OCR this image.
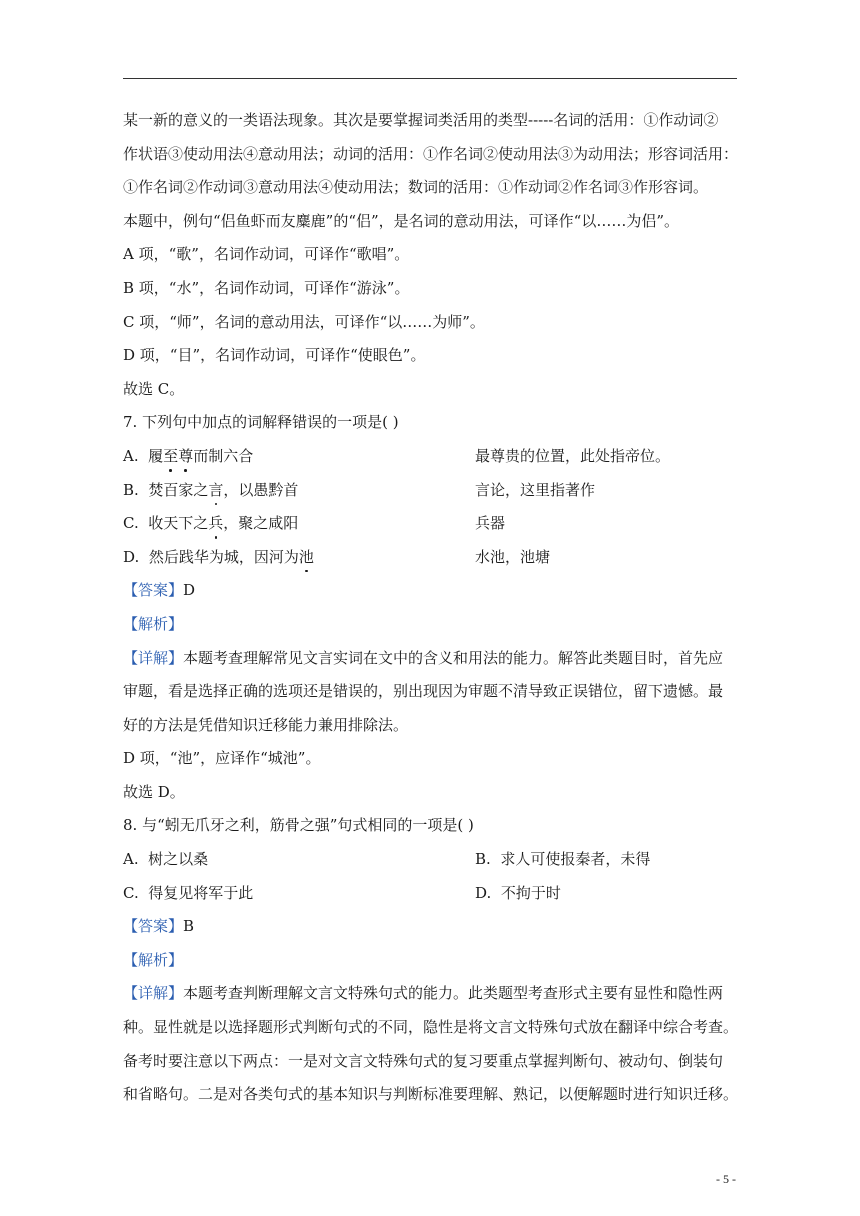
某一新的意义的一类语法现象。其次是要掌握词类活用的类型-----名词的活用：①作动词②
作状语③使动用法④意动用法；动词的活用：①作名词②使动用法③为动用法；形容词活用：
①作名词②作动词③意动用法④使动用法；数词的活用：①作动词②作名词③作形容词。
本题中，例句“侣鱼虾而友麋鹿”的“侣”，是名词的意动用法，可译作“以……为侣”。
A 项，“歌”，名词作动词，可译作“歌唱”。
B 项，“水”，名词作动词，可译作“游泳”。
C 项，“师”，名词的意动用法，可译作“以……为师”。
D 项，“目”，名词作动词，可译作“使眼色”。
故选 C。
7. 下列句中加点的词解释错误的一项是( )
A. 履至尊而制六合	最尊贵的位置，此处指帝位。
B. 焚百家之言，以愚黔首	言论，这里指著作
C. 收天下之兵，聚之咸阳	兵器
D. 然后践华为城，因河为池	水池，池塘
【答案】D
【解析】
【详解】本题考查理解常见文言实词在文中的含义和用法的能力。解答此类题目时，首先应
审题，看是选择正确的选项还是错误的，别出现因为审题不清导致正误错位，留下遗憾。最
好的方法是凭借知识迁移能力兼用排除法。
D 项，“池”，应译作“城池”。
故选 D。
8. 与“蚓无爪牙之利，筋骨之强”句式相同的一项是( )
A. 树之以桑	B. 求人可使报秦者，未得
C. 得复见将军于此	D. 不拘于时
【答案】B
【解析】
【详解】本题考查判断理解文言文特殊句式的能力。此类题型考查形式主要有显性和隐性两
种。显性就是以选择题形式判断句式的不同，隐性是将文言文特殊句式放在翻译中综合考查。
备考时要注意以下两点：一是对文言文特殊句式的复习要重点掌握判断句、被动句、倒装句
和省略句。二是对各类句式的基本知识与判断标准要理解、熟记，以便解题时进行知识迁移。
- 5 -
